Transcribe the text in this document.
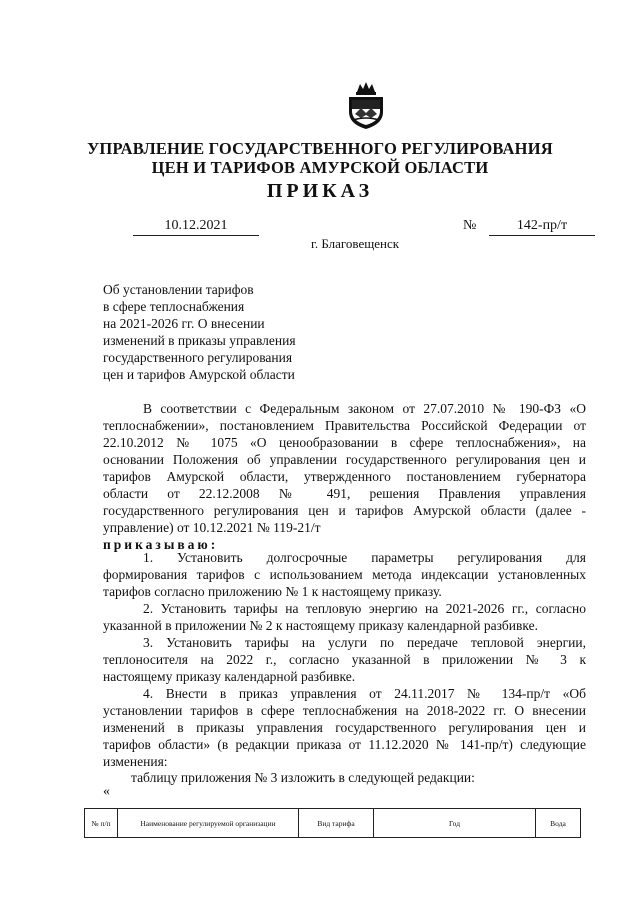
УПРАВЛЕНИЕ ГОСУДАРСТВЕННОГО РЕГУЛИРОВАНИЯ
ЦЕН И ТАРИФОВ АМУРСКОЙ ОБЛАСТИ
ПРИКАЗ
10.12.2021	№	142-пр/т
г. Благовещенск
Об установлении тарифов
в сфере теплоснабжения
на 2021-2026 гг. О внесении
изменений в приказы управления
государственного регулирования
цен и тарифов Амурской области
В соответствии с Федеральным законом от 27.07.2010 № 190-ФЗ «О
теплоснабжении», постановлением Правительства Российской Федерации от
22.10.2012 № 1075 «О ценообразовании в сфере теплоснабжения», на
основании Положения об управлении государственного регулирования цен и
тарифов Амурской области, утвержденного постановлением губернатора
области от 22.12.2008 № 491, решения Правления управления
государственного регулирования цен и тарифов Амурской области (далее -
управление) от 10.12.2021 № 119-21/т
приказываю:
1. Установить долгосрочные параметры регулирования для
формирования тарифов с использованием метода индексации установленных
тарифов согласно приложению № 1 к настоящему приказу.
2. Установить тарифы на тепловую энергию на 2021-2026 гг., согласно
указанной в приложении № 2 к настоящему приказу календарной разбивке.
3. Установить тарифы на услуги по передаче тепловой энергии,
теплоносителя на 2022 г., согласно указанной в приложении № 3 к
настоящему приказу календарной разбивке.
4. Внести в приказ управления от 24.11.2017 № 134-пр/т «Об
установлении тарифов в сфере теплоснабжения на 2018-2022 гг. О внесении
изменений в приказы управления государственного регулирования цен и
тарифов области» (в редакции приказа от 11.12.2020 № 141-пр/т) следующие
изменения:
таблицу приложения № 3 изложить в следующей редакции:
«
№ п/п	Наименование регулируемой организации	Вид тарифа	Год	Вода
